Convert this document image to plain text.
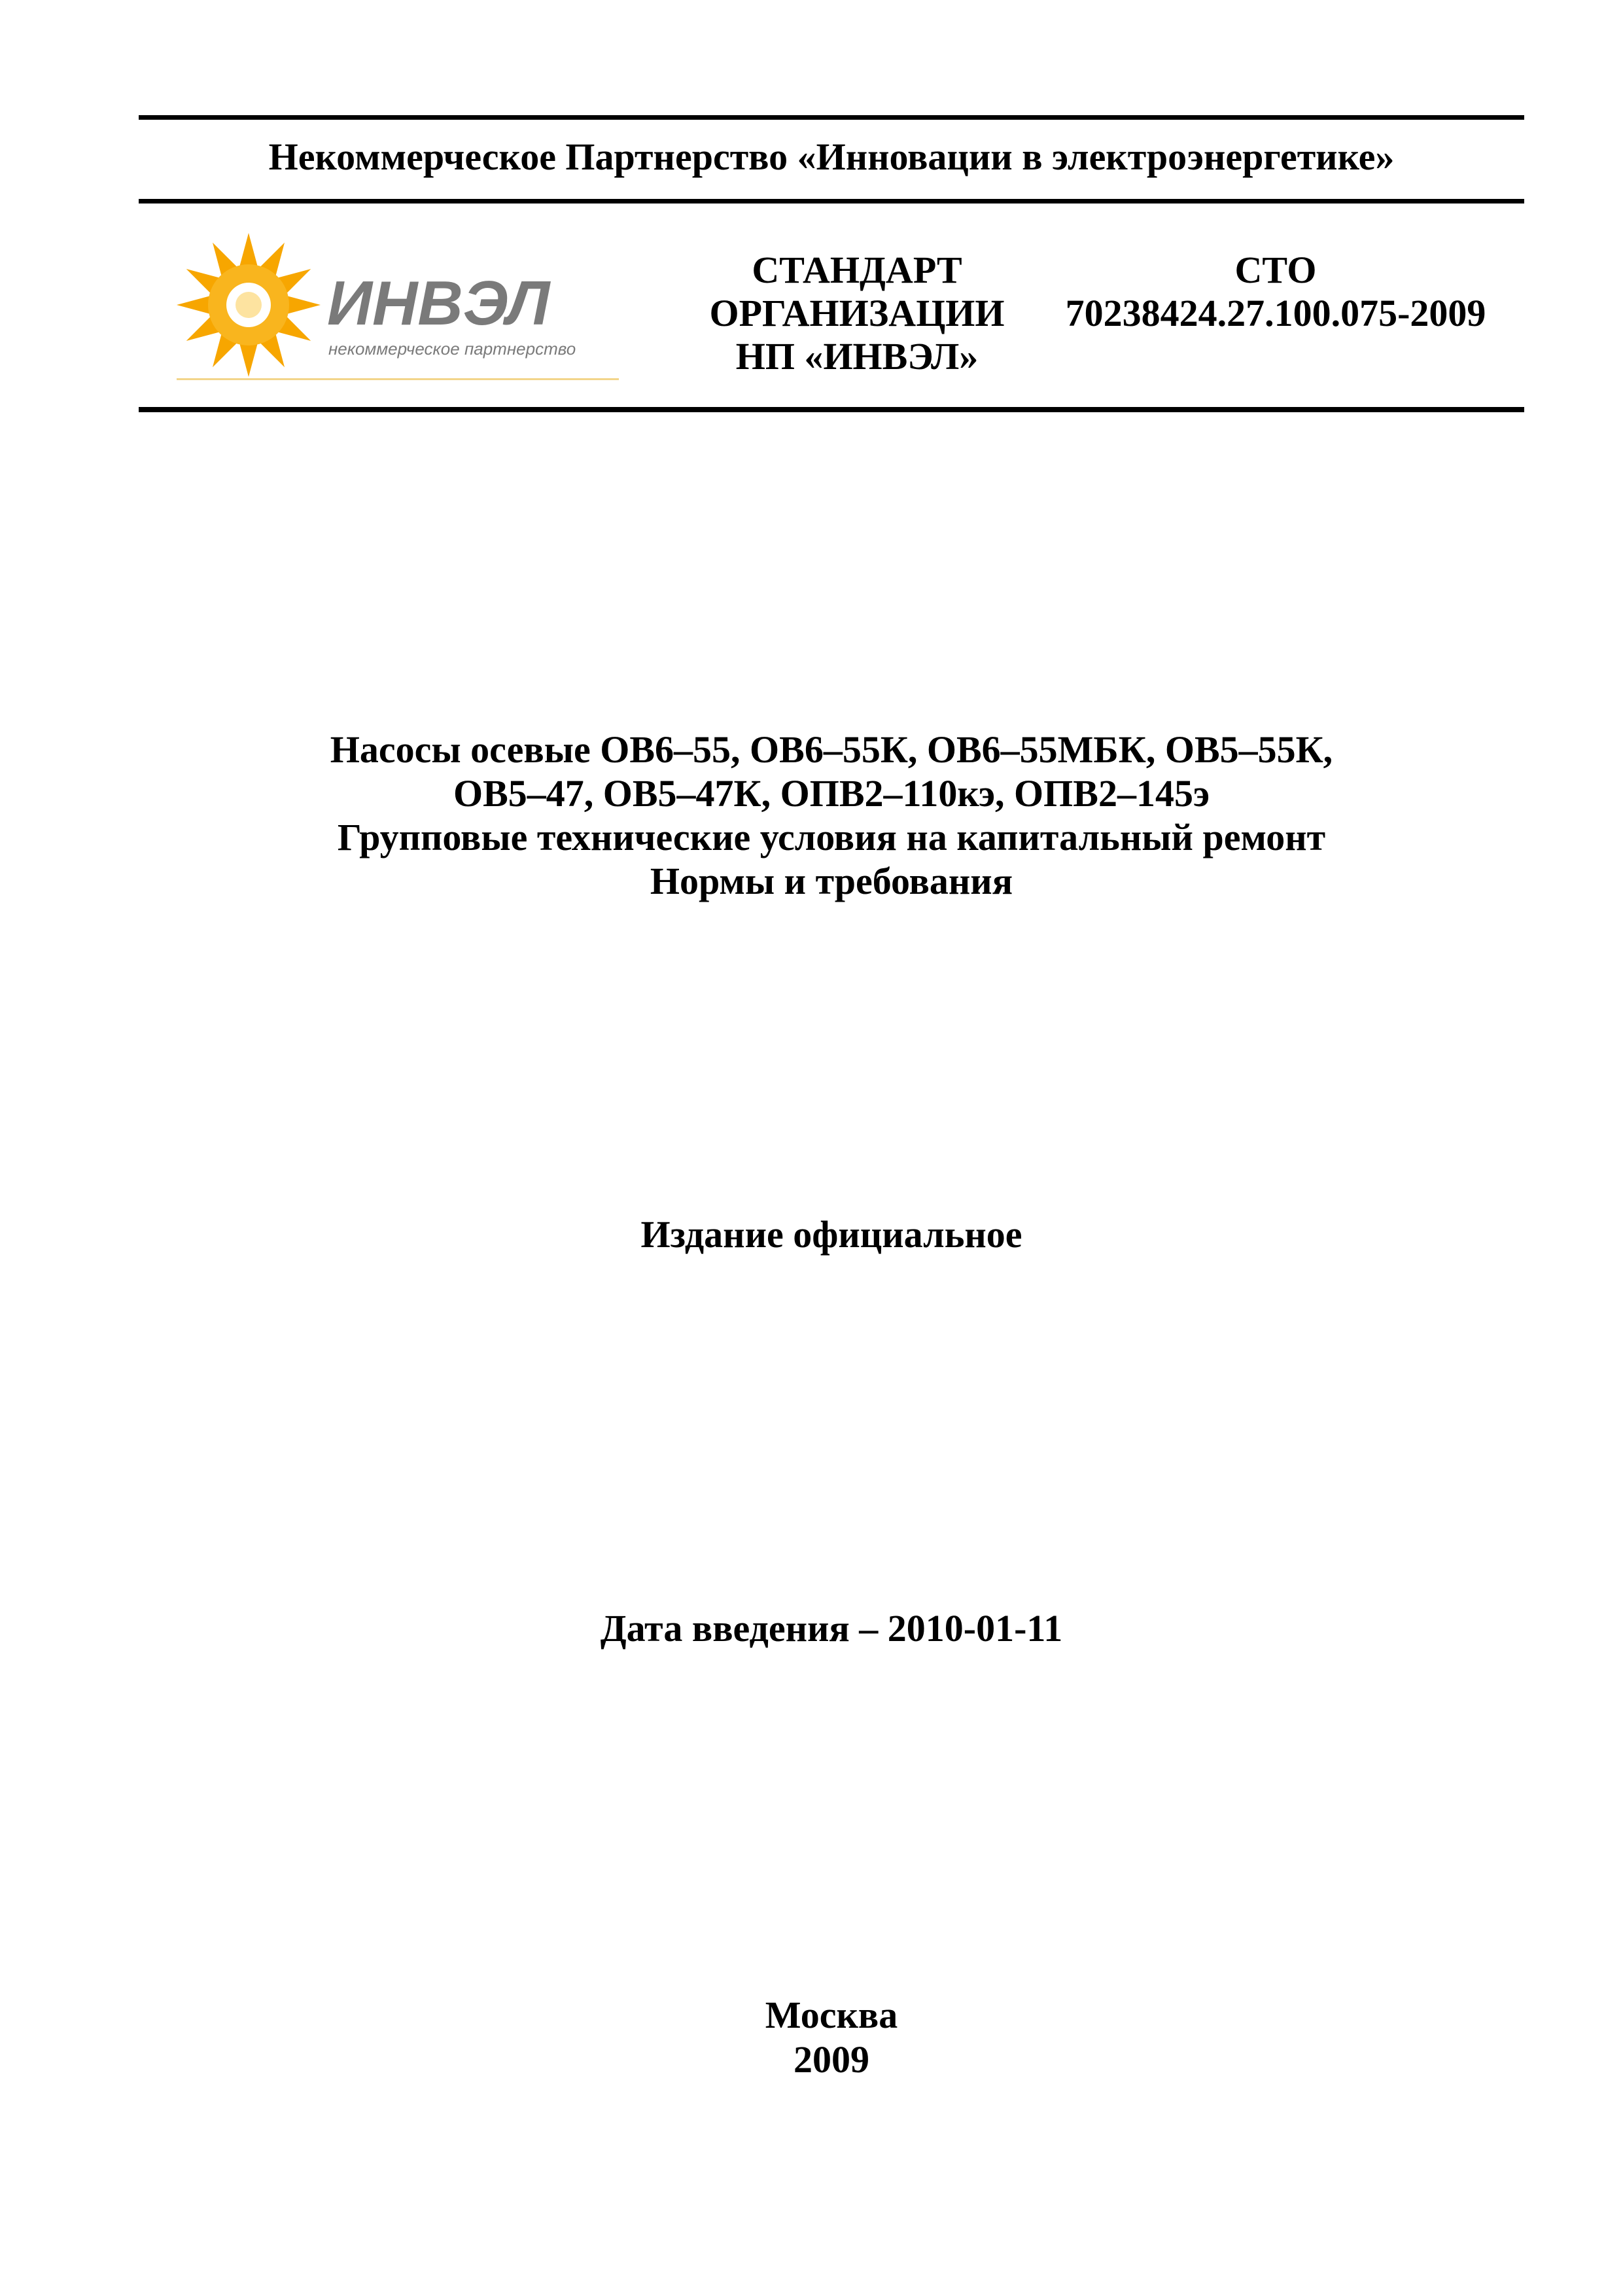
Некоммерческое Партнерство «Инновации в электроэнергетике»
ИНВЭЛ
некоммерческое партнерство
СТАНДАРТ
ОРГАНИЗАЦИИ
НП «ИНВЭЛ»
СТО
70238424.27.100.075-2009
Насосы осевые ОВ6–55, ОВ6–55К, ОВ6–55МБК, ОВ5–55К,
ОВ5–47, ОВ5–47К, ОПВ2–110кэ, ОПВ2–145э
Групповые технические условия на капитальный ремонт
Нормы и требования
Издание официальное
Дата введения – 2010-01-11
Москва
2009
